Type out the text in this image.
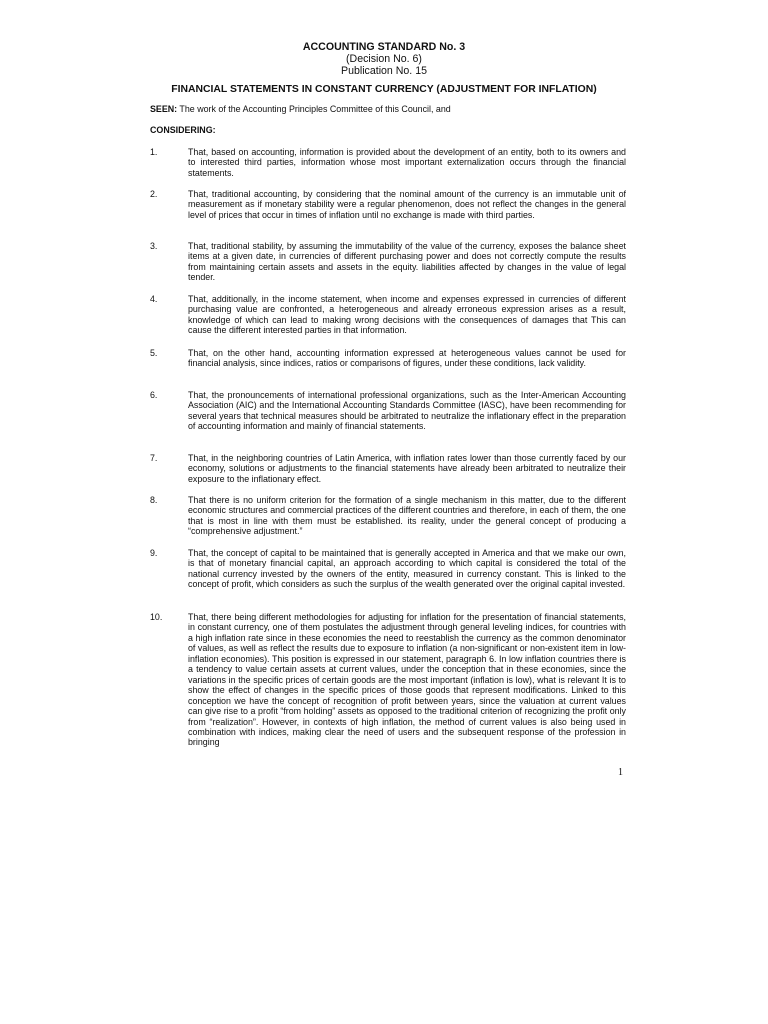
ACCOUNTING STANDARD No. 3
(Decision No. 6)
Publication No. 15
FINANCIAL STATEMENTS IN CONSTANT CURRENCY (ADJUSTMENT FOR INFLATION)
SEEN: The work of the Accounting Principles Committee of this Council, and
CONSIDERING:
1.	That, based on accounting, information is provided about the development of an entity, both to its owners and to interested third parties, information whose most important externalization occurs through the financial statements.
2.	That, traditional accounting, by considering that the nominal amount of the currency is an immutable unit of measurement as if monetary stability were a regular phenomenon, does not reflect the changes in the general level of prices that occur in times of inflation until no exchange is made with third parties.
3.	That, traditional stability, by assuming the immutability of the value of the currency, exposes the balance sheet items at a given date, in currencies of different purchasing power and does not correctly compute the results from maintaining certain assets and assets in the equity. liabilities affected by changes in the value of legal tender.
4.	That, additionally, in the income statement, when income and expenses expressed in currencies of different purchasing value are confronted, a heterogeneous and already erroneous expression arises as a result, knowledge of which can lead to making wrong decisions with the consequences of damages that This can cause the different interested parties in that information.
5.	That, on the other hand, accounting information expressed at heterogeneous values cannot be used for financial analysis, since indices, ratios or comparisons of figures, under these conditions, lack validity.
6.	That, the pronouncements of international professional organizations, such as the Inter-American Accounting Association (AIC) and the International Accounting Standards Committee (IASC), have been recommending for several years that technical measures should be arbitrated to neutralize the inflationary effect in the preparation of accounting information and mainly of financial statements.
7.	That, in the neighboring countries of Latin America, with inflation rates lower than those currently faced by our economy, solutions or adjustments to the financial statements have already been arbitrated to neutralize their exposure to the inflationary effect.
8.	That there is no uniform criterion for the formation of a single mechanism in this matter, due to the different economic structures and commercial practices of the different countries and therefore, in each of them, the one that is most in line with them must be established. its reality, under the general concept of producing a “comprehensive adjustment.”
9.	That, the concept of capital to be maintained that is generally accepted in America and that we make our own, is that of monetary financial capital, an approach according to which capital is considered the total of the national currency invested by the owners of the entity, measured in currency constant. This is linked to the concept of profit, which considers as such the surplus of the wealth generated over the original capital invested.
10.	That, there being different methodologies for adjusting for inflation for the presentation of financial statements, in constant currency, one of them postulates the adjustment through general leveling indices, for countries with a high inflation rate since in these economies the need to reestablish the currency as the common denominator of values, as well as reflect the results due to exposure to inflation (a non-significant or non-existent item in low-inflation economies). This position is expressed in our statement, paragraph 6. In low inflation countries there is a tendency to value certain assets at current values, under the conception that in these economies, since the variations in the specific prices of certain goods are the most important (inflation is low), what is relevant It is to show the effect of changes in the specific prices of those goods that represent modifications. Linked to this conception we have the concept of recognition of profit between years, since the valuation at current values can give rise to a profit “from holding” assets as opposed to the traditional criterion of recognizing the profit only from “realization”. However, in contexts of high inflation, the method of current values is also being used in combination with indices, making clear the need of users and the subsequent response of the profession in bringing
1
